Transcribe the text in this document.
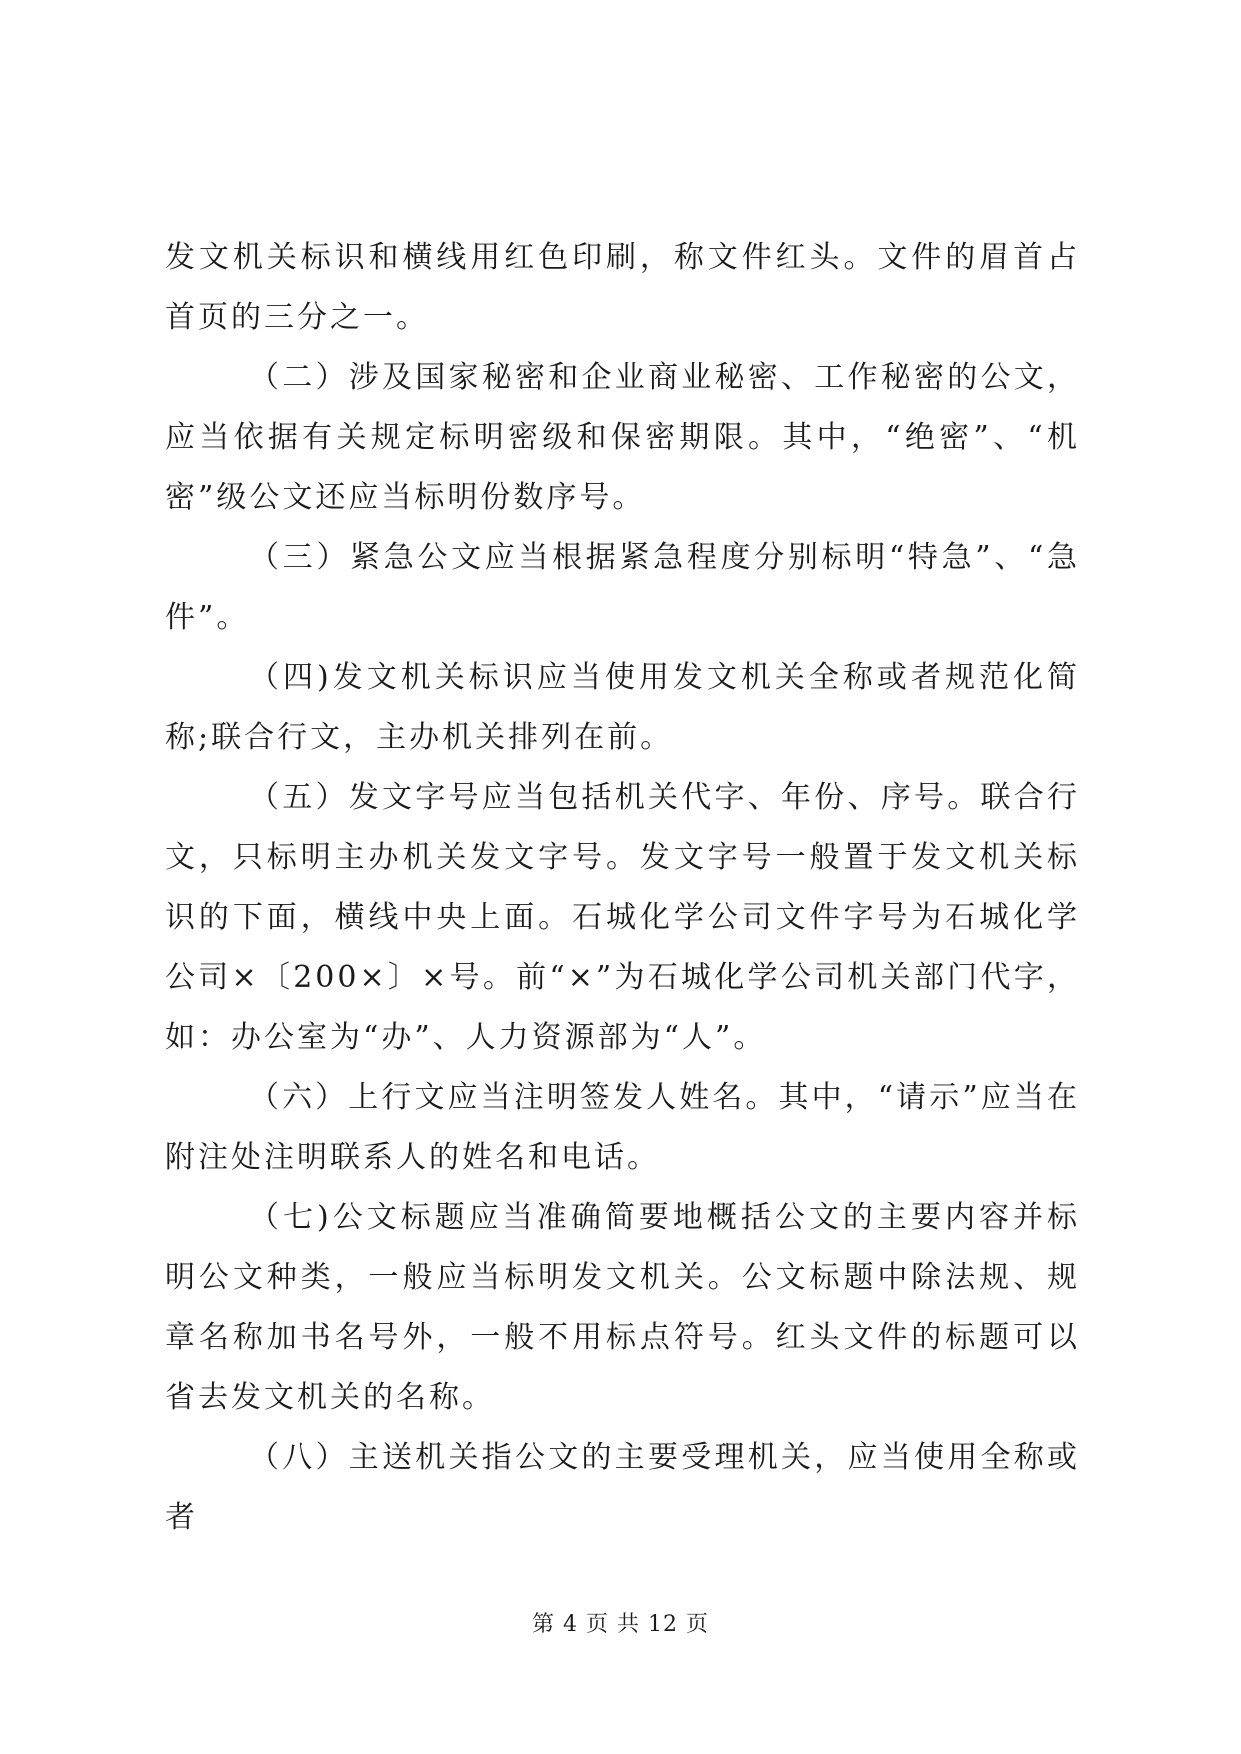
发文机关标识和横线用红色印刷，称文件红头。文件的眉首占首页的三分之一。

（二）涉及国家秘密和企业商业秘密、工作秘密的公文，应当依据有关规定标明密级和保密期限。其中，“绝密”、“机密”级公文还应当标明份数序号。

（三）紧急公文应当根据紧急程度分别标明“特急”、“急件”。

（四)发文机关标识应当使用发文机关全称或者规范化简称;联合行文，主办机关排列在前。

（五）发文字号应当包括机关代字、年份、序号。联合行文，只标明主办机关发文字号。发文字号一般置于发文机关标识的下面，横线中央上面。石城化学公司文件字号为石城化学公司×〔200×〕×号。前“×”为石城化学公司机关部门代字，如：办公室为“办”、人力资源部为“人”。

（六）上行文应当注明签发人姓名。其中，“请示”应当在附注处注明联系人的姓名和电话。

（七)公文标题应当准确简要地概括公文的主要内容并标明公文种类，一般应当标明发文机关。公文标题中除法规、规章名称加书名号外，一般不用标点符号。红头文件的标题可以省去发文机关的名称。

（八）主送机关指公文的主要受理机关，应当使用全称或者

第 4 页 共 12 页
